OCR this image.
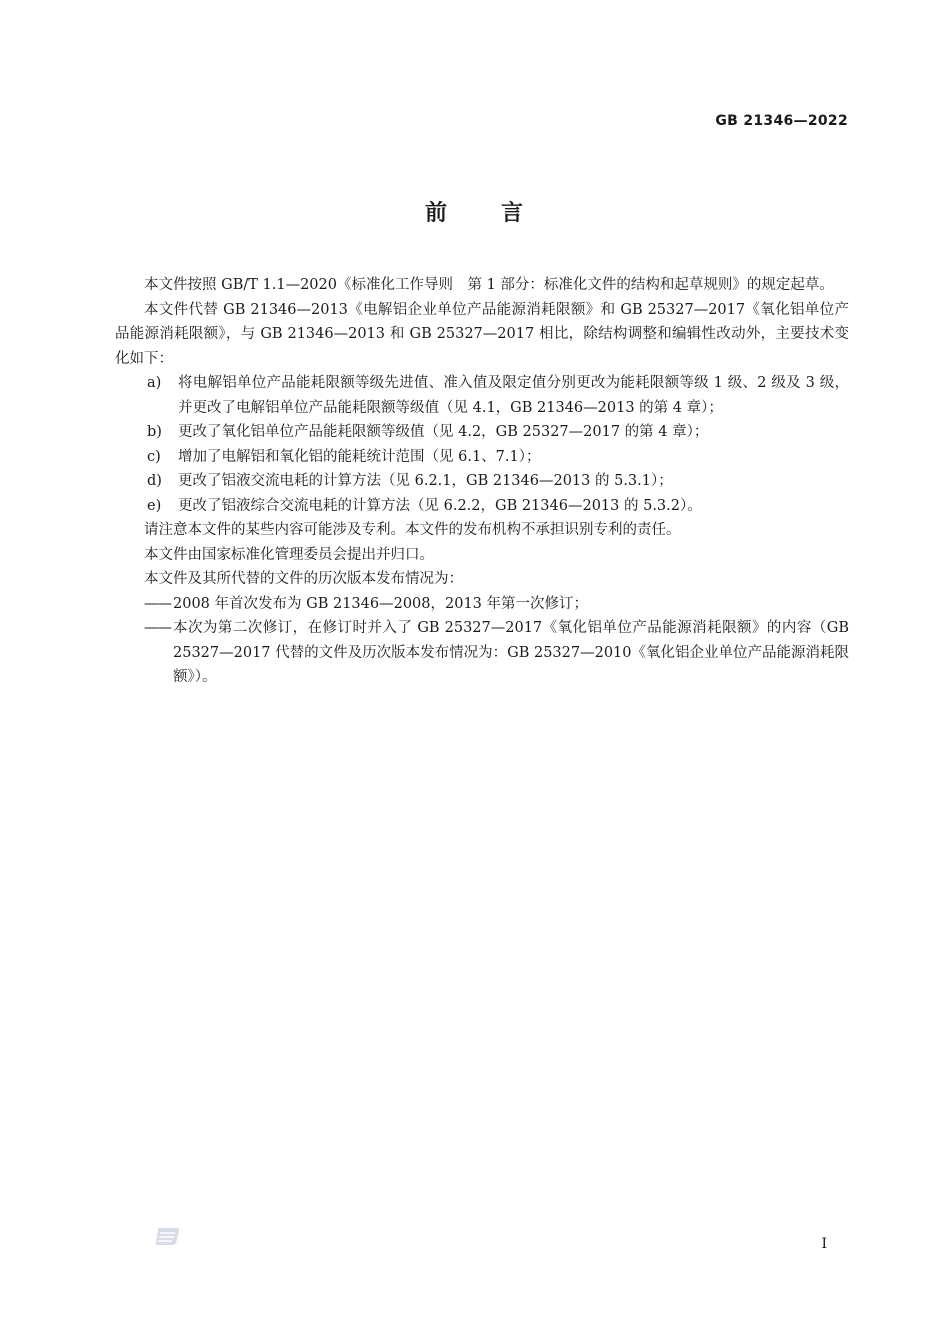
GB 21346—2022
前 言

本文件按照 GB/T 1.1—2020《标准化工作导则　第 1 部分：标准化文件的结构和起草规则》的规定起草。

本文件代替 GB 21346—2013《电解铝企业单位产品能源消耗限额》和 GB 25327—2017《氧化铝单位产品能源消耗限额》，与 GB 21346—2013 和 GB 25327—2017 相比，除结构调整和编辑性改动外，主要技术变化如下：

a) 将电解铝单位产品能耗限额等级先进值、准入值及限定值分别更改为能耗限额等级 1 级、2 级及 3 级，并更改了电解铝单位产品能耗限额等级值（见 4.1，GB 21346—2013 的第 4 章）；

b) 更改了氧化铝单位产品能耗限额等级值（见 4.2，GB 25327—2017 的第 4 章）；

c) 增加了电解铝和氧化铝的能耗统计范围（见 6.1、7.1）；

d) 更改了铝液交流电耗的计算方法（见 6.2.1，GB 21346—2013 的 5.3.1）；

e) 更改了铝液综合交流电耗的计算方法（见 6.2.2，GB 21346—2013 的 5.3.2）。

请注意本文件的某些内容可能涉及专利。本文件的发布机构不承担识别专利的责任。

本文件由国家标准化管理委员会提出并归口。

本文件及其所代替的文件的历次版本发布情况为：

—— 2008 年首次发布为 GB 21346—2008，2013 年第一次修订；

—— 本次为第二次修订，在修订时并入了 GB 25327—2017《氧化铝单位产品能源消耗限额》的内容（GB 25327—2017 代替的文件及历次版本发布情况为：GB 25327—2010《氧化铝企业单位产品能源消耗限额》）。

I
